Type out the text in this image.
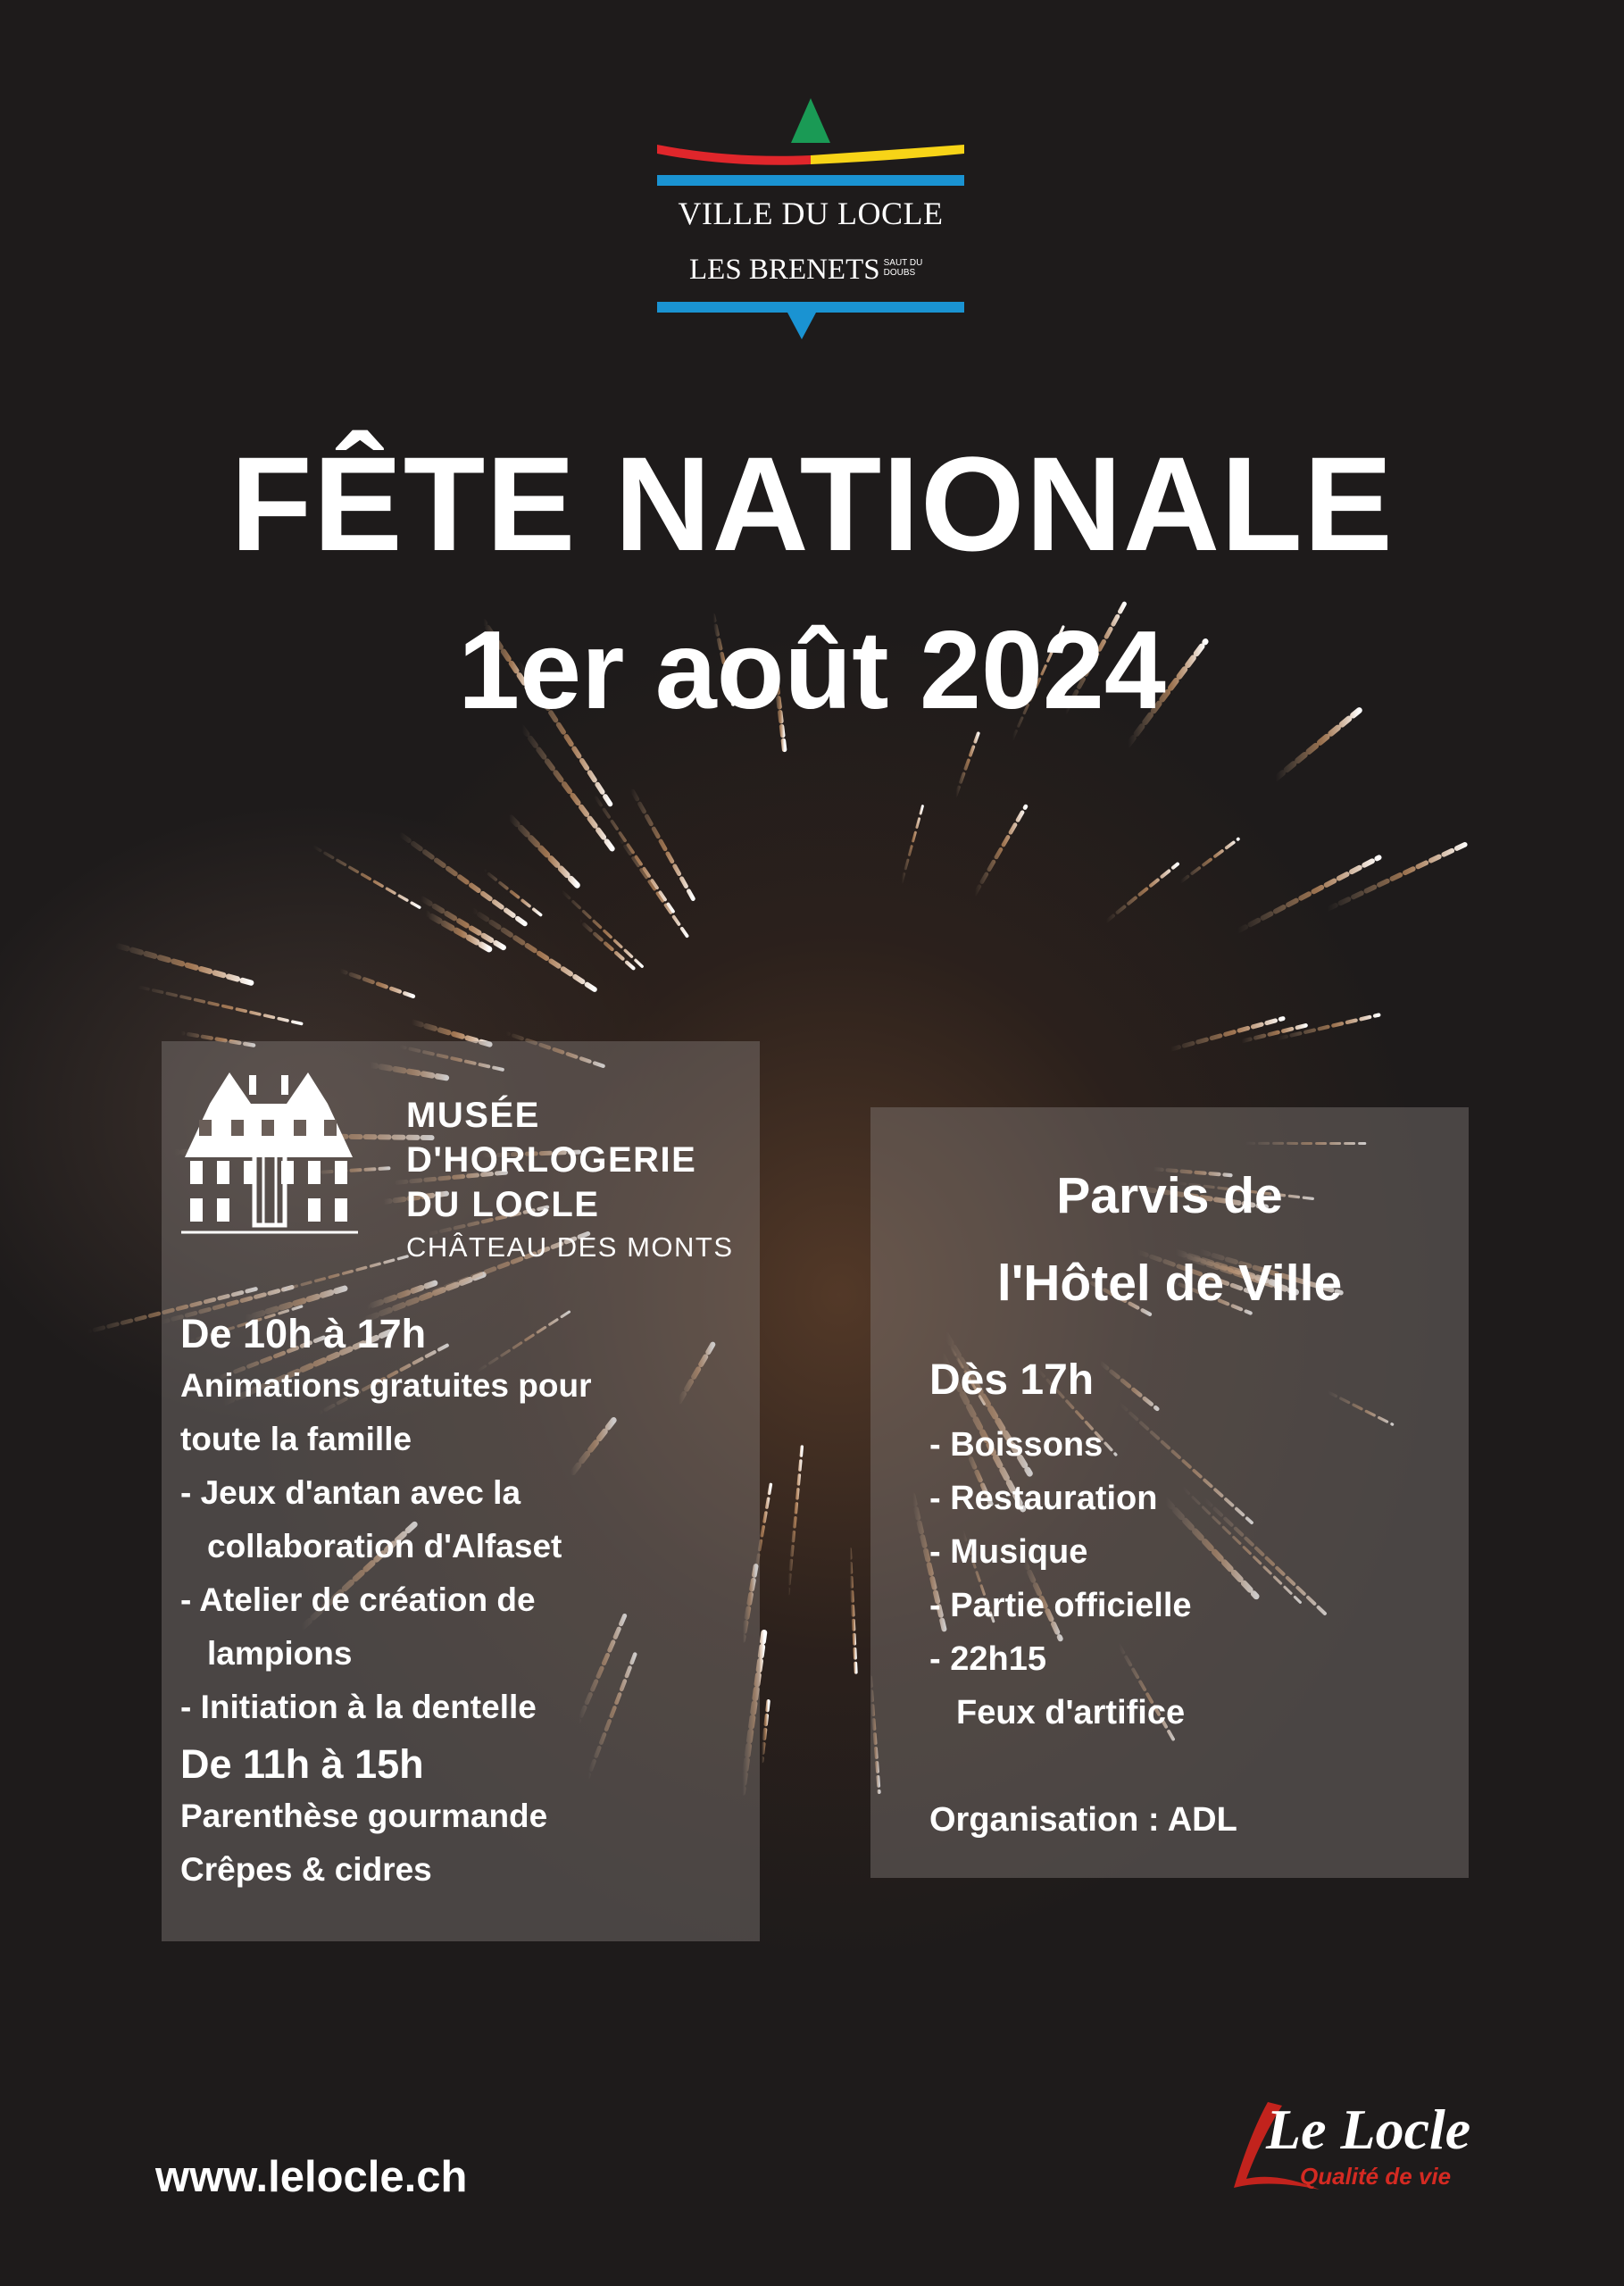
VILLE DU LOCLE
LES BRENETS SAUT DU
DOUBS
FÊTE NATIONALE
1er août 2024
MUSÉE
D'HORLOGERIE
DU LOCLE
CHÂTEAU DES MONTS
De 10h à 17h
Animations gratuites pour
toute la famille
- Jeux d'antan avec la
collaboration d'Alfaset
- Atelier de création de
lampions
- Initiation à la dentelle
De 11h à 15h
Parenthèse gourmande
Crêpes & cidres
Parvis de
l'Hôtel de Ville
Dès 17h
- Boissons
- Restauration
- Musique
- Partie officielle
- 22h15
Feux d'artifice
Organisation : ADL
www.lelocle.ch
Le Locle
Qualité de vie
